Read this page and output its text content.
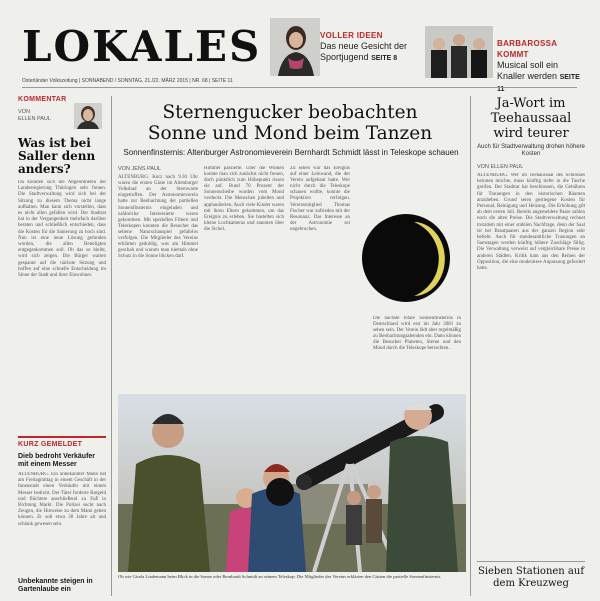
LOKALES	VOLLER IDEEN
Das neue Gesicht der Sportjugend SEITE 8
BARBAROSSA KOMMT
Musical soll ein Knaller werden SEITE 11
Osterländer Volkszeitung | SONNABEND / SONNTAG, 21./22. MÄRZ 2015 | NR. 68 | SEITE 11
KOMMENTAR
VON
ELLEN PAUL
Was ist bei Saller denn anders?
Da konnten sich die Abgeordneten der Landesregierung Thüringen sehr freuen. Die Stadtverwaltung wird sich bei der Sitzung zu diesem Thema nicht lange aufhalten. Man kann sich vorstellen, dass es nicht allen gefallen wird. Der Stadtrat hat in der Vergangenheit mehrfach darüber beraten und schließlich entschieden, dass die Kosten für die Sanierung zu hoch sind. Nun ist eine neue Lösung gefunden worden, die allen Beteiligten entgegenkommen soll. Ob das so bleibt, wird sich zeigen. Die Bürger warten gespannt auf die nächste Sitzung und hoffen auf eine schnelle Entscheidung im Sinne der Stadt und ihrer Einwohner.
KURZ GEMELDET
Dieb bedroht Verkäufer mit einem Messer
ALTENBURG. Ein unbekannter Mann hat am Freitagmittag in einem Geschäft in der Innenstadt einen Verkäufer mit einem Messer bedroht. Der Täter forderte Bargeld und flüchtete anschließend zu Fuß in Richtung Markt. Die Polizei sucht nach Zeugen, die Hinweise zu dem Mann geben können. Er soll etwa 30 Jahre alt und schlank gewesen sein.
Unbekannte steigen in Gartenlaube ein
Sternengucker beobachten
Sonne und Mond beim Tanzen
Sonnenfinsternis: Altenburger Astronomieverein Bernhardt Schmidt lässt in Teleskope schauen
VON JENS PAUL
ALTENBURG. Kurz nach 9.30 Uhr waren die ersten Gäste im Altenburger Volksbad an der Sternwarte eingetroffen. Der Astronomieverein hatte zur Beobachtung der partiellen Sonnenfinsternis eingeladen und zahlreiche Interessierte waren gekommen. Mit speziellen Filtern und Teleskopen konnten die Besucher das seltene Naturschauspiel gefahrlos verfolgen. Die Mitglieder des Vereins erklärten geduldig, was am Himmel geschah und warum man niemals ohne Schutz in die Sonne blicken darf.
Himmel passierte. Über die Wolken konnte man sich zunächst nicht freuen, doch pünktlich zum Höhepunkt rissen sie auf. Rund 70 Prozent der Sonnenscheibe wurden vom Mond verdeckt. Die Menschen jubelten und applaudierten. Auch viele Kinder waren mit ihren Eltern gekommen, um das Ereignis zu erleben. Sie bastelten sich kleine Lochkameras und staunten über die Sichel.
Zu sehen war das Ereignis auf einer Leinwand, die der Verein aufgebaut hatte. Wer nicht durch die Teleskope schauen wollte, konnte die Projektion verfolgen. Vereinsmitglied Thomas Fischer war zufrieden mit der Resonanz. Das Interesse an der Astronomie sei ungebrochen.
Die nächste totale Sonnenfinsternis in Deutschland wird erst im Jahr 2081 zu sehen sein. Der Verein lädt aber regelmäßig zu Beobachtungsabenden ein. Dann können die Besucher Planeten, Sterne und den Mond durch die Teleskope betrachten.
Ob wie Gisela Lindemann beim Blick in die Sonne oder Bernhardt Schmidt an seinem Teleskop: Die Mitglieder des Vereins erklärten den Gästen die partielle Sonnenfinsternis.
Ja-Wort im Teehaussaal wird teurer
Auch für Stadtverwaltung drohen höhere Kosten
VON ELLEN PAUL
ALTENBURG. Wer im Teehaussaal des Schlosses heiraten möchte, muss künftig tiefer in die Tasche greifen. Der Stadtrat hat beschlossen, die Gebühren für Trauungen in den historischen Räumen anzuheben. Grund seien gestiegene Kosten für Personal, Reinigung und Heizung. Die Erhöhung gilt ab dem ersten Juli. Bereits angemeldete Paare zahlen noch die alten Preise. Die Stadtverwaltung rechnet trotzdem mit einer stabilen Nachfrage, denn der Saal ist bei Brautpaaren aus der ganzen Region sehr beliebt. Auch für standesamtliche Trauungen an Samstagen werden künftig höhere Zuschläge fällig. Die Verwaltung verweist auf vergleichbare Preise in anderen Städten. Kritik kam aus den Reihen der Opposition, die eine moderatere Anpassung gefordert hatte.
Sieben Stationen auf dem Kreuzweg
